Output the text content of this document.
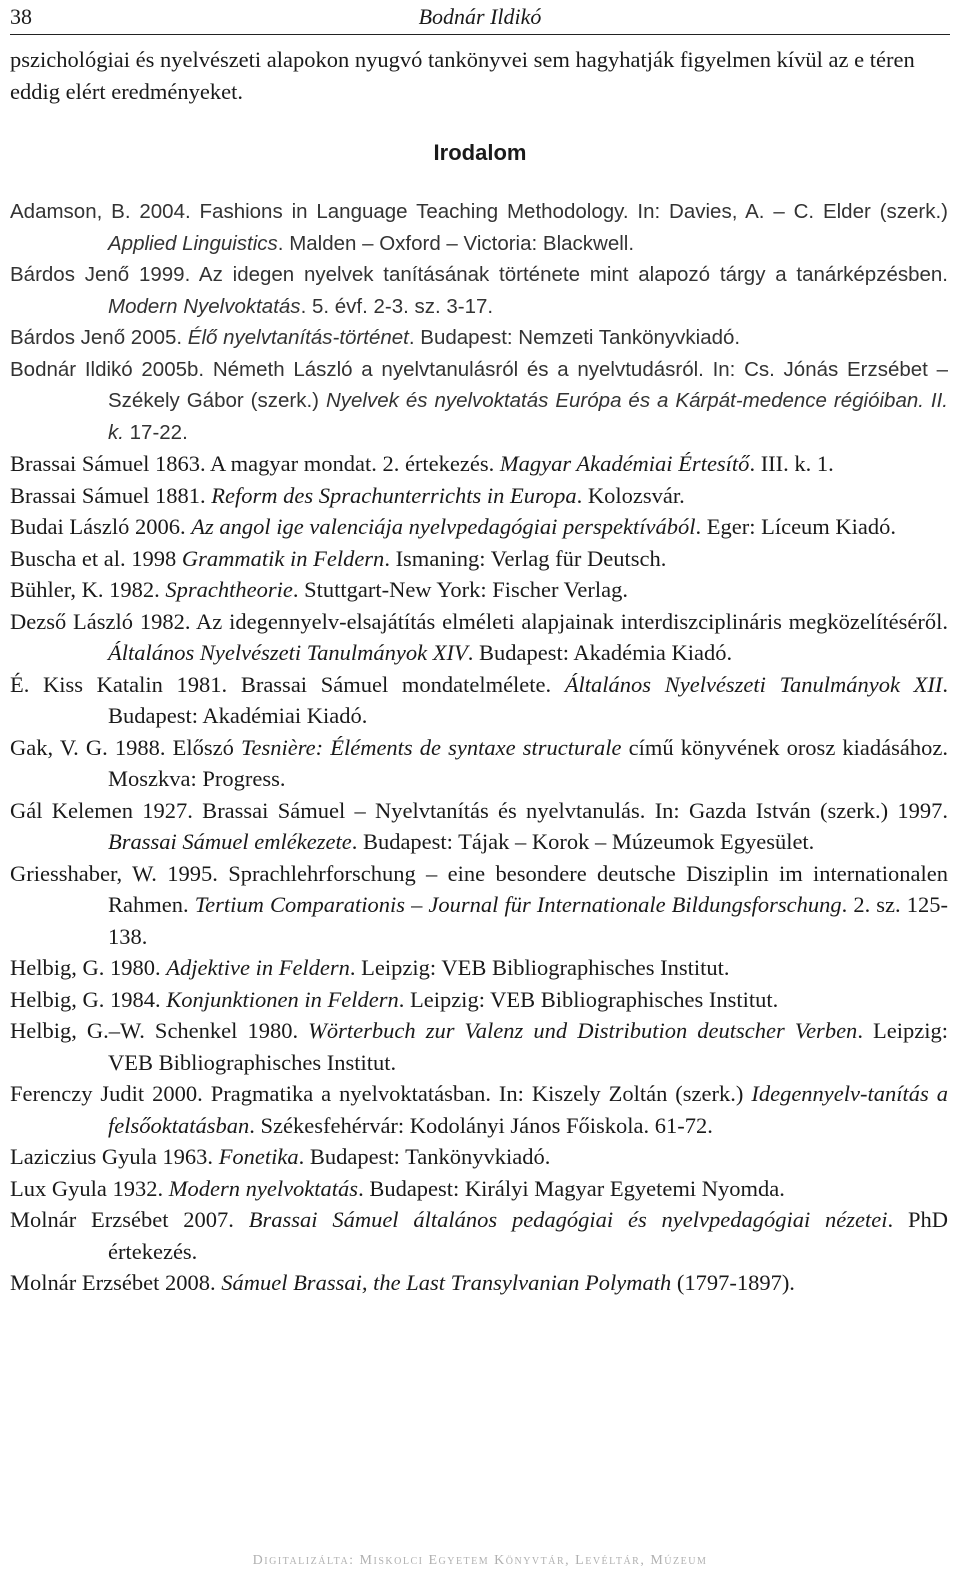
38	Bodnár Ildikó
pszichológiai és nyelvészeti alapokon nyugvó tankönyvei sem hagyhatják figyelmen kívül az e téren eddig elért eredményeket.
Irodalom
Adamson, B. 2004. Fashions in Language Teaching Methodology. In: Davies, A. – C. Elder (szerk.) Applied Linguistics. Malden – Oxford – Victoria: Blackwell.
Bárdos Jenő 1999. Az idegen nyelvek tanításának története mint alapozó tárgy a tanárképzésben. Modern Nyelvoktatás. 5. évf. 2-3. sz. 3-17.
Bárdos Jenő 2005. Élő nyelvtanítás-történet. Budapest: Nemzeti Tankönyvkiadó.
Bodnár Ildikó 2005b. Németh László a nyelvtanulásról és a nyelvtudásról. In: Cs. Jónás Erzsébet – Székely Gábor (szerk.) Nyelvek és nyelvoktatás Európa és a Kárpát-medence régióiban. II. k. 17-22.
Brassai Sámuel 1863. A magyar mondat. 2. értekezés. Magyar Akadémiai Értesítő. III. k. 1.
Brassai Sámuel 1881. Reform des Sprachunterrichts in Europa. Kolozsvár.
Budai László 2006. Az angol ige valenciája nyelvpedagógiai perspektívából. Eger: Líceum Kiadó.
Buscha et al. 1998 Grammatik in Feldern. Ismaning: Verlag für Deutsch.
Bühler, K. 1982. Sprachtheorie. Stuttgart-New York: Fischer Verlag.
Dezső László 1982. Az idegennyelv-elsajátítás elméleti alapjainak interdiszciplináris megközelítéséről. Általános Nyelvészeti Tanulmányok XIV. Budapest: Akadémia Kiadó.
É. Kiss Katalin 1981. Brassai Sámuel mondatelmélete. Általános Nyelvészeti Tanulmányok XII. Budapest: Akadémiai Kiadó.
Gak, V. G. 1988. Előszó Tesnière: Éléments de syntaxe structurale című könyvének orosz kiadásához. Moszkva: Progress.
Gál Kelemen 1927. Brassai Sámuel – Nyelvtanítás és nyelvtanulás. In: Gazda István (szerk.) 1997. Brassai Sámuel emlékezete. Budapest: Tájak – Korok – Múzeumok Egyesület.
Griesshaber, W. 1995. Sprachlehrforschung – eine besondere deutsche Disziplin im internationalen Rahmen. Tertium Comparationis – Journal für Internationale Bildungsforschung. 2. sz. 125-138.
Helbig, G. 1980. Adjektive in Feldern. Leipzig: VEB Bibliographisches Institut.
Helbig, G. 1984. Konjunktionen in Feldern. Leipzig: VEB Bibliographisches Institut.
Helbig, G.–W. Schenkel 1980. Wörterbuch zur Valenz und Distribution deutscher Verben. Leipzig: VEB Bibliographisches Institut.
Ferenczy Judit 2000. Pragmatika a nyelvoktatásban. In: Kiszely Zoltán (szerk.) Idegennyelv-tanítás a felsőoktatásban. Székesfehérvár: Kodolányi János Főiskola. 61-72.
Laziczius Gyula 1963. Fonetika. Budapest: Tankönyvkiadó.
Lux Gyula 1932. Modern nyelvoktatás. Budapest: Királyi Magyar Egyetemi Nyomda.
Molnár Erzsébet 2007. Brassai Sámuel általános pedagógiai és nyelvpedagógiai nézetei. PhD értekezés.
Molnár Erzsébet 2008. Sámuel Brassai, the Last Transylvanian Polymath (1797-1897).
Digitalizálta: Miskolci Egyetem Könyvtár, Levéltár, Múzeum
